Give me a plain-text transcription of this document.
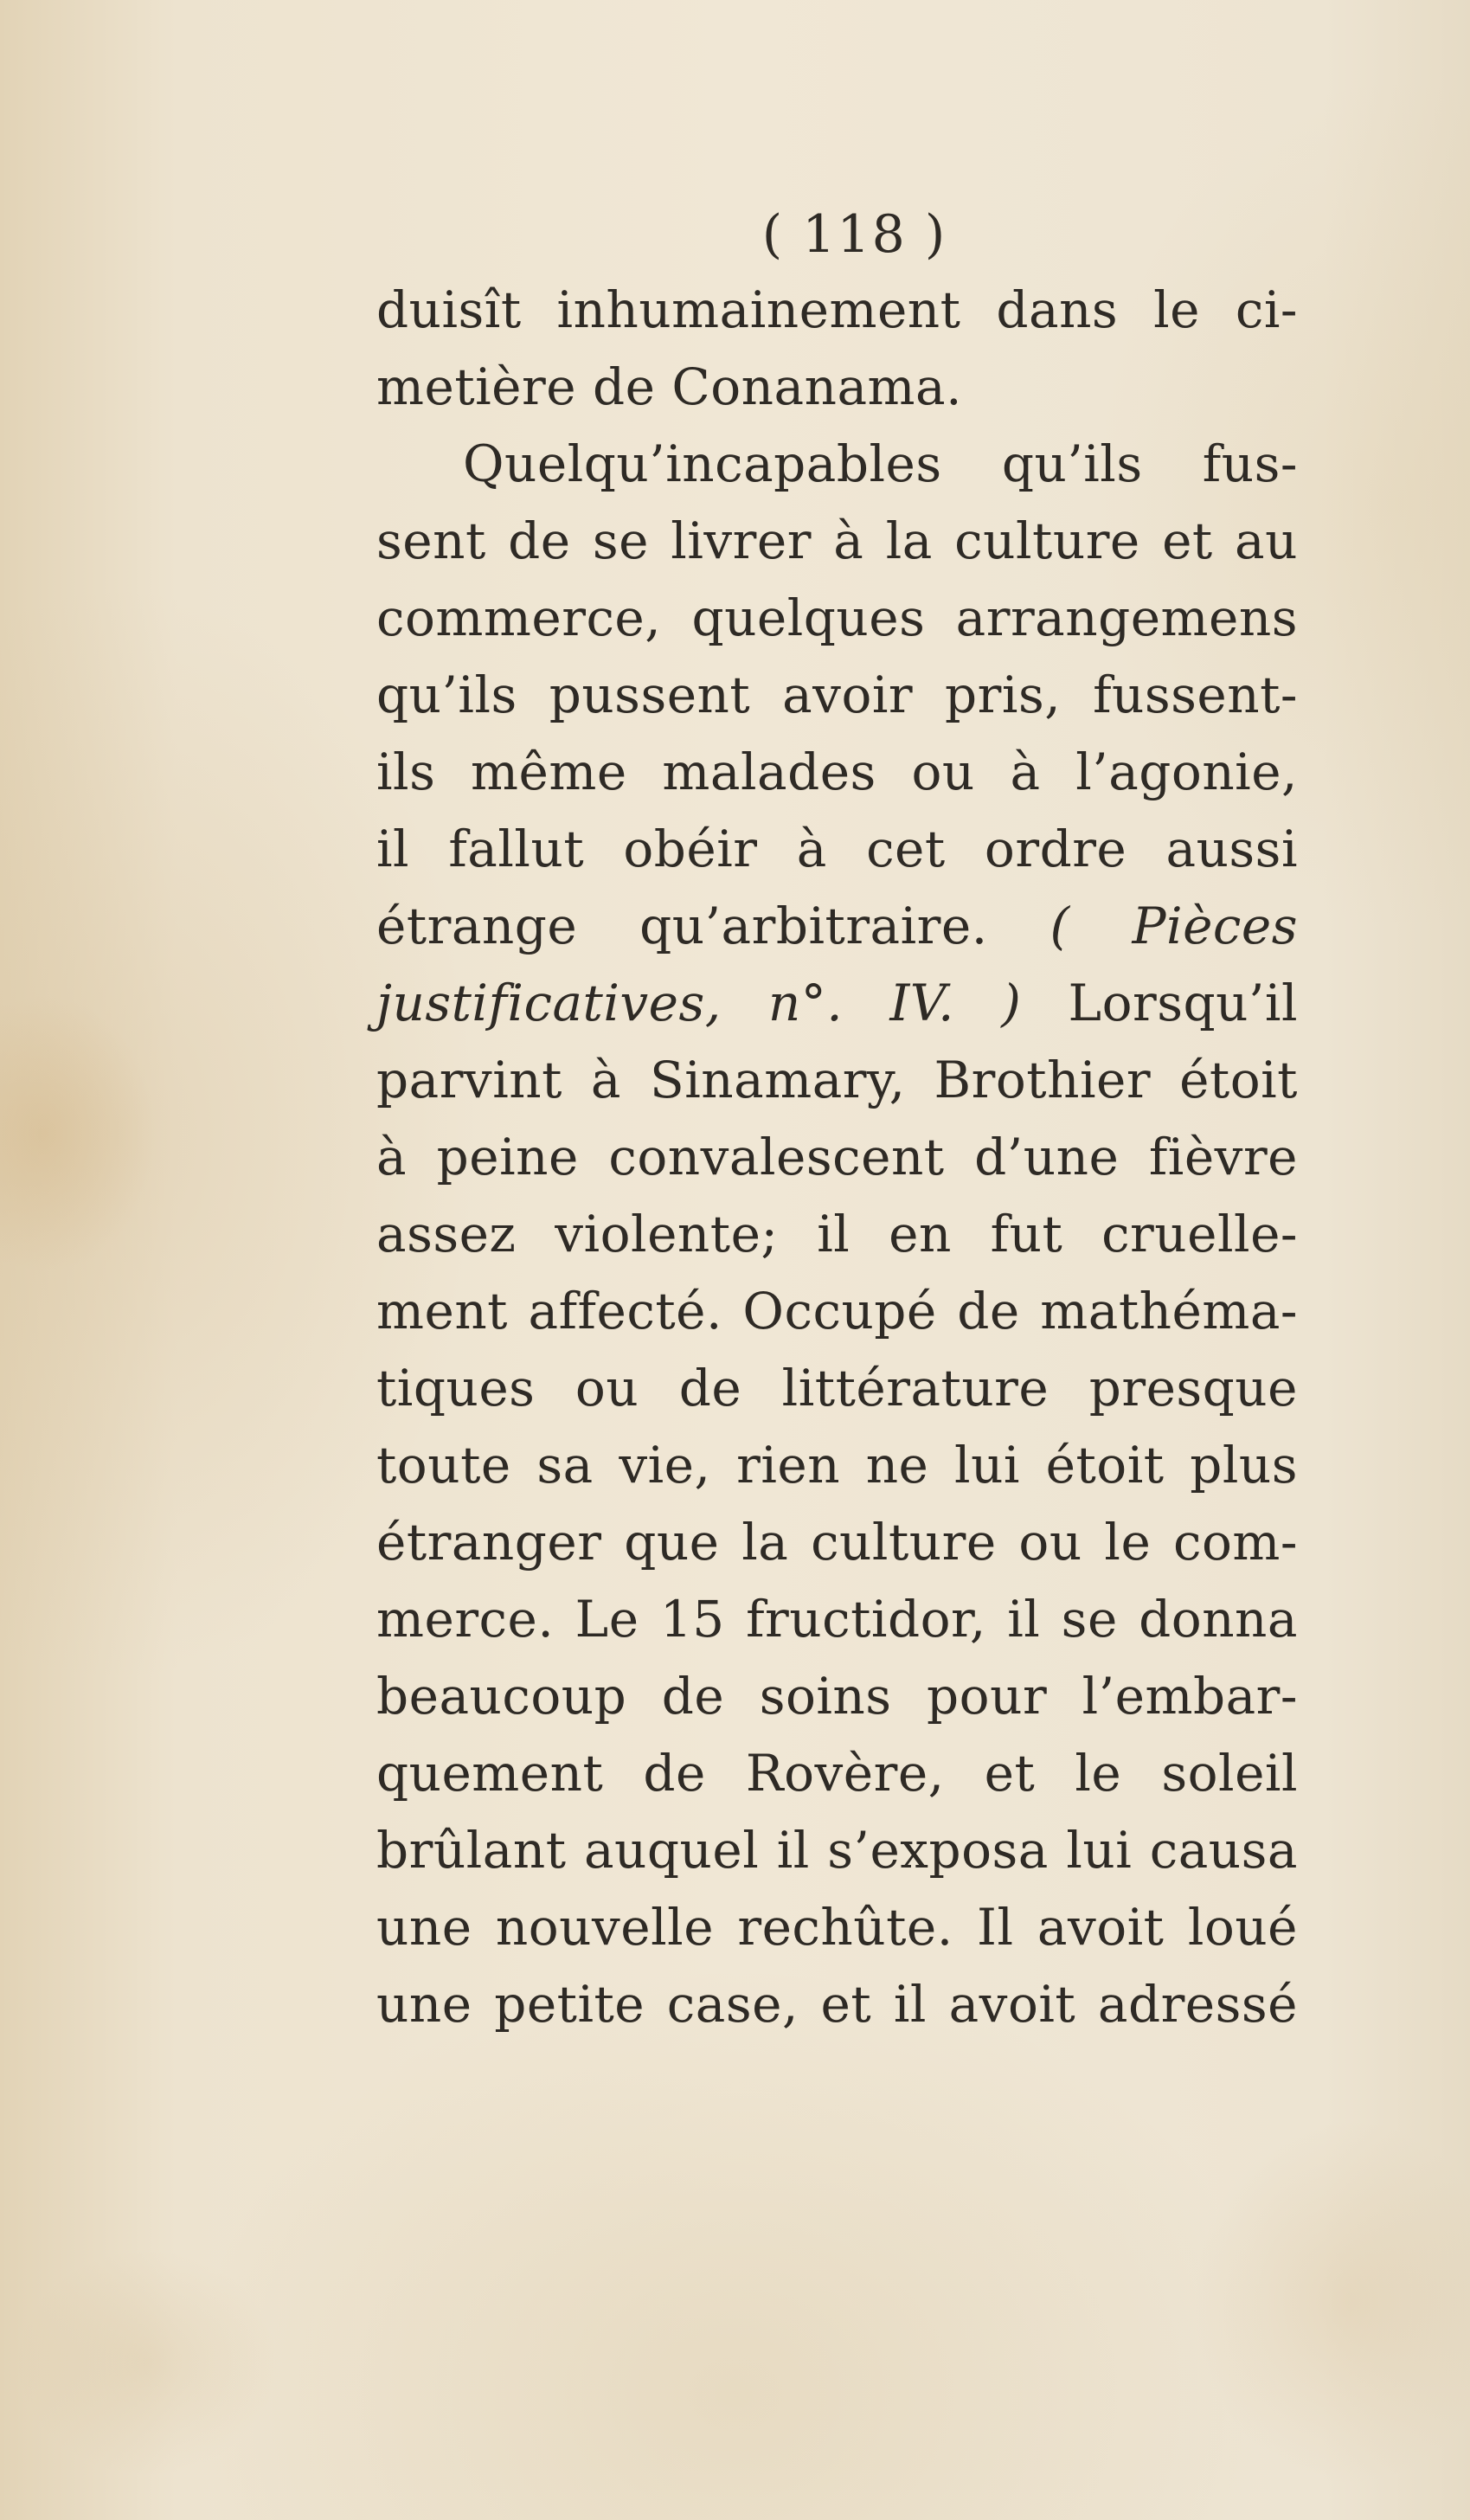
( 118 )
duisît inhumainement dans le ci-
metière de Conanama.
Quelqu’incapables qu’ils fus-
sent de se livrer à la culture et au
commerce, quelques arrangemens
qu’ils pussent avoir pris, fussent-
ils même malades ou à l’agonie,
il fallut obéir à cet ordre aussi
étrange qu’arbitraire. ( Pièces
justificatives, n°. IV. ) Lorsqu’il
parvint à Sinamary, Brothier étoit
à peine convalescent d’une fièvre
assez violente; il en fut cruelle-
ment affecté. Occupé de mathéma-
tiques ou de littérature presque
toute sa vie, rien ne lui étoit plus
étranger que la culture ou le com-
merce. Le 15 fructidor, il se donna
beaucoup de soins pour l’embar-
quement de Rovère, et le soleil
brûlant auquel il s’exposa lui causa
une nouvelle rechûte. Il avoit loué
une petite case, et il avoit adressé
